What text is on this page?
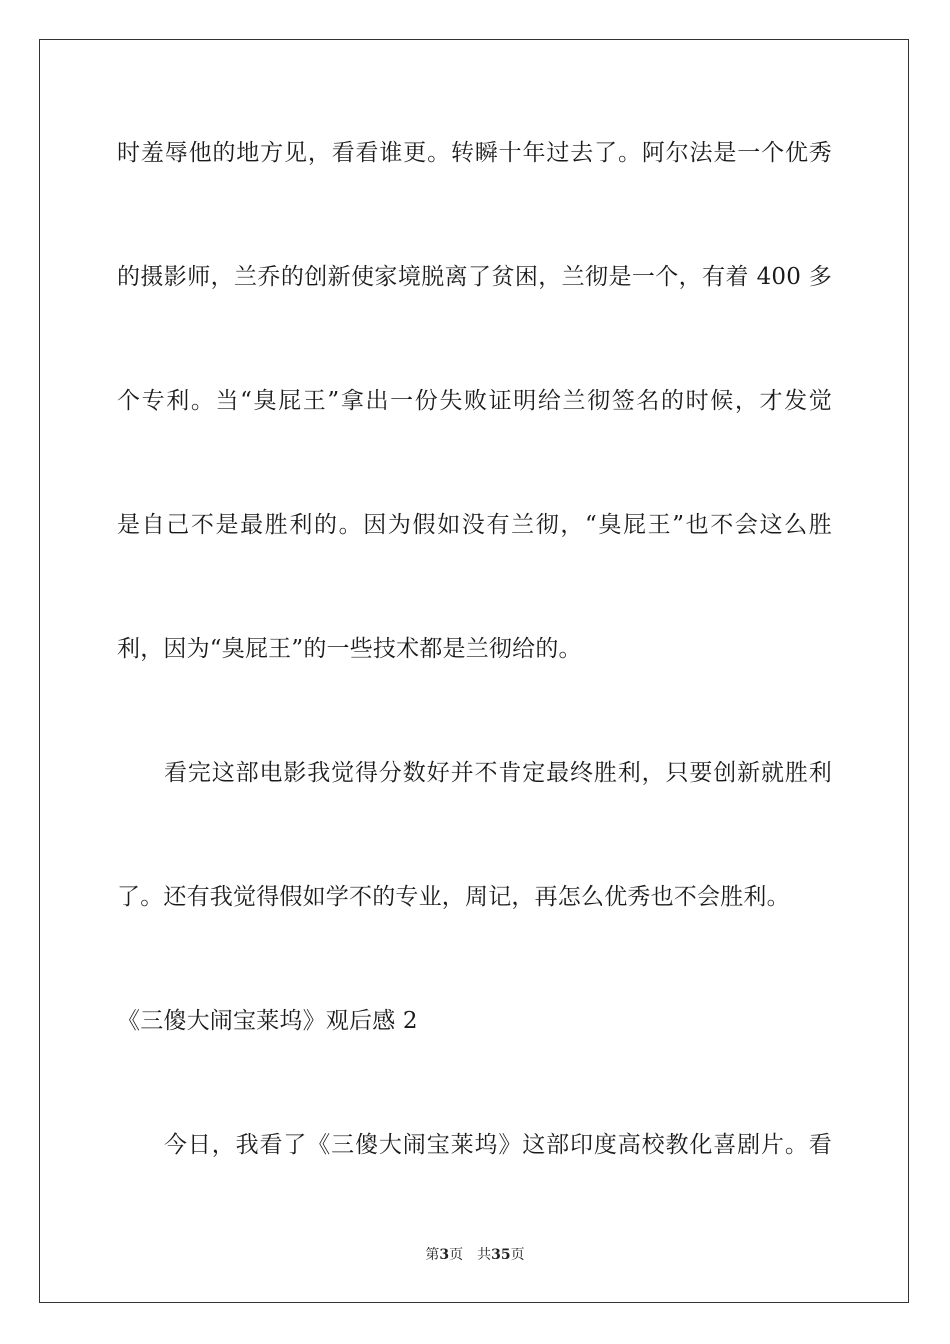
时羞辱他的地方见，看看谁更。转瞬十年过去了。阿尔法是一个优秀
的摄影师，兰乔的创新使家境脱离了贫困，兰彻是一个，有着 400 多
个专利。当“臭屁王”拿出一份失败证明给兰彻签名的时候，才发觉
是自己不是最胜利的。因为假如没有兰彻，“臭屁王”也不会这么胜
利，因为“臭屁王”的一些技术都是兰彻给的。
看完这部电影我觉得分数好并不肯定最终胜利，只要创新就胜利
了。还有我觉得假如学不的专业，周记，再怎么优秀也不会胜利。
《三傻大闹宝莱坞》观后感 2
今日，我看了《三傻大闹宝莱坞》这部印度高校教化喜剧片。看
第3页 共35页
